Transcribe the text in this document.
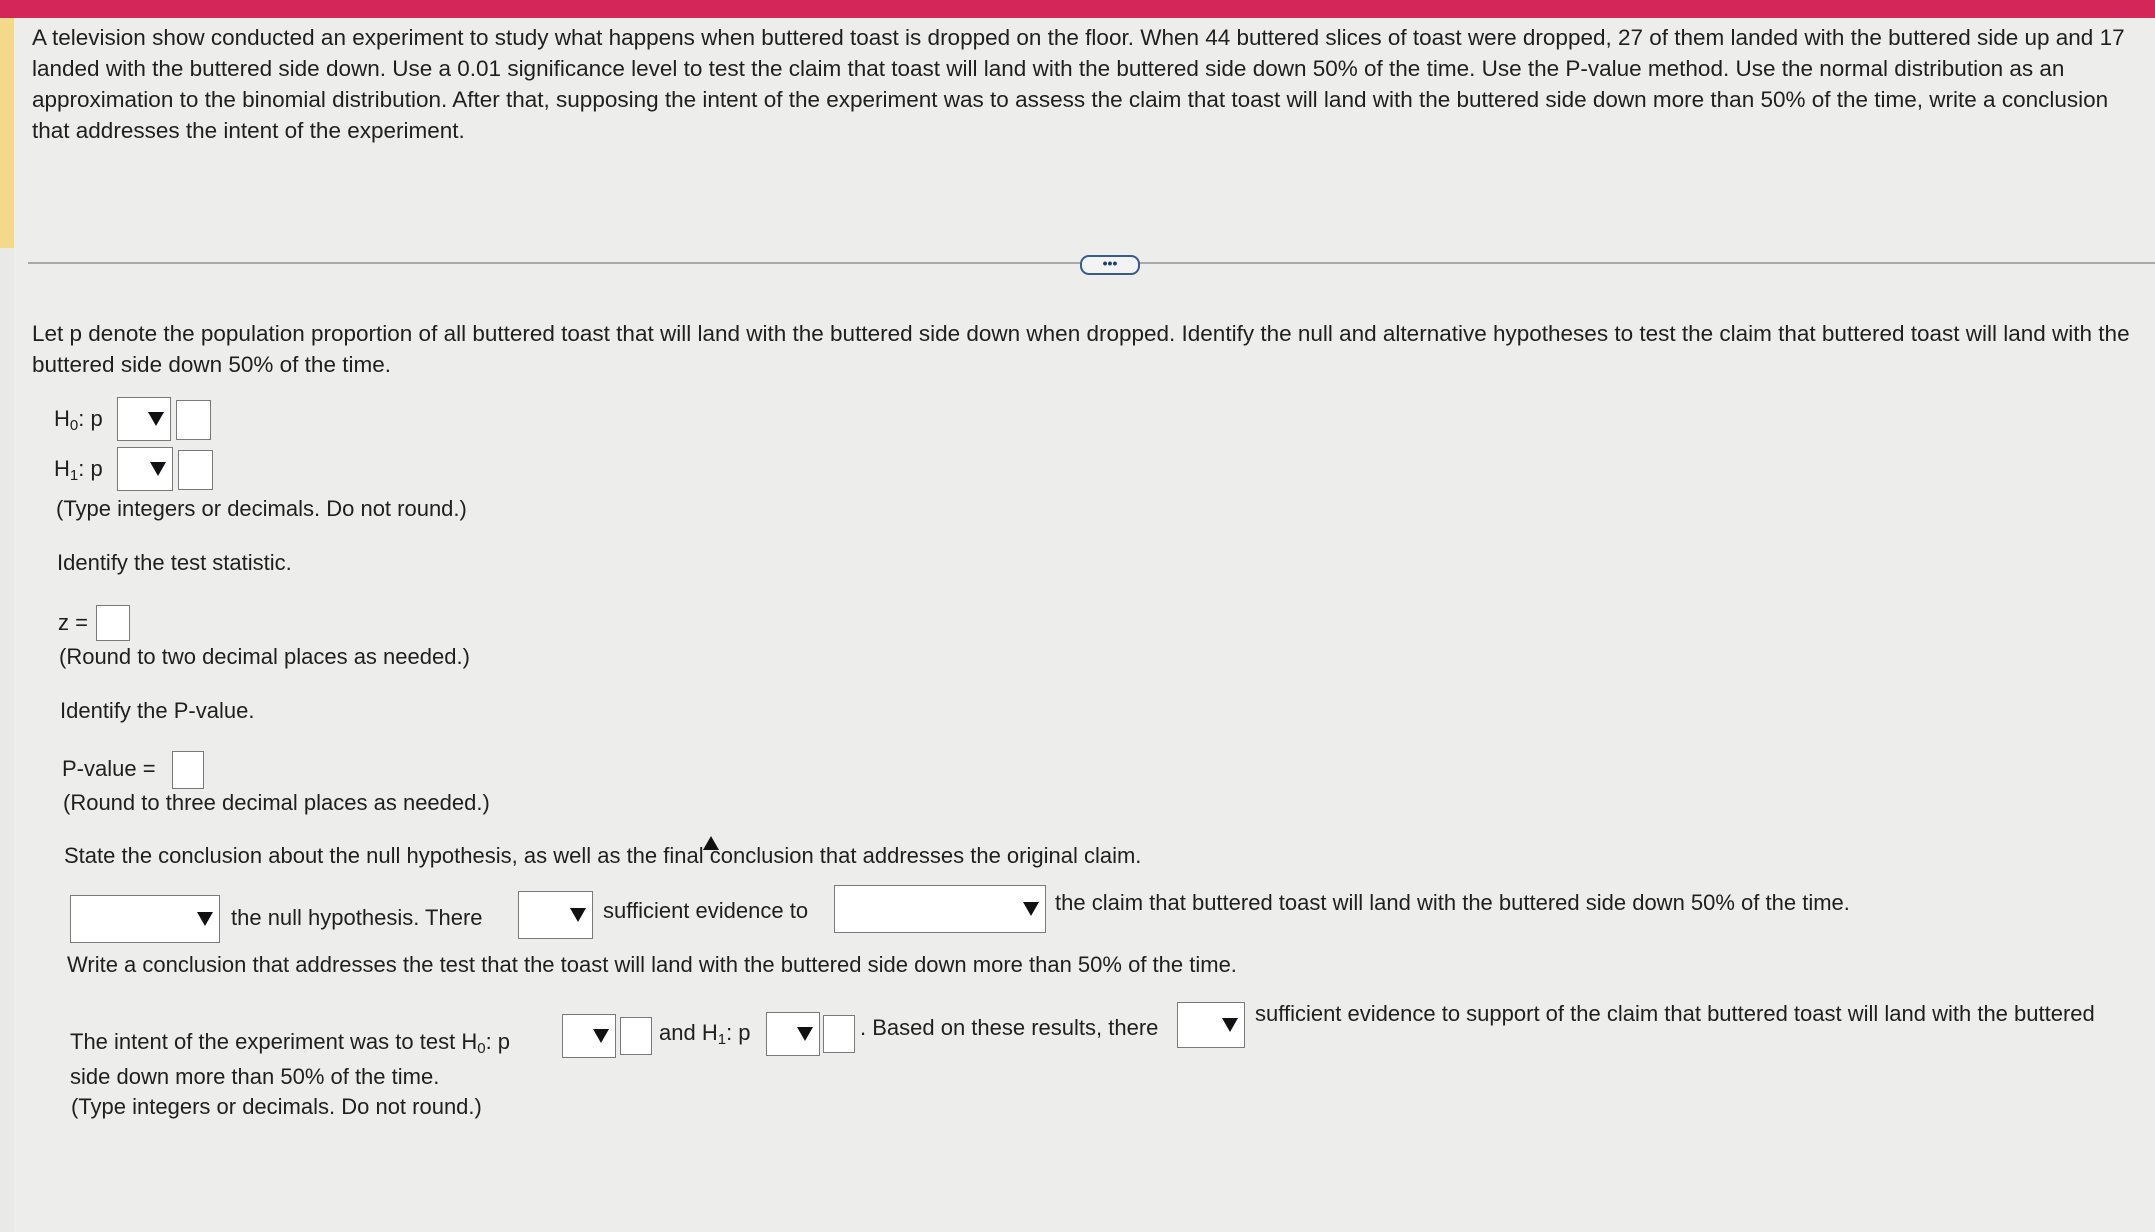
A television show conducted an experiment to study what happens when buttered toast is dropped on the floor. When 44 buttered slices of toast were dropped, 27 of them landed with the buttered side up and 17 landed with the buttered side down. Use a 0.01 significance level to test the claim that toast will land with the buttered side down 50% of the time. Use the P-value method. Use the normal distribution as an approximation to the binomial distribution. After that, supposing the intent of the experiment was to assess the claim that toast will land with the buttered side down more than 50% of the time, write a conclusion that addresses the intent of the experiment.
•••
Let p denote the population proportion of all buttered toast that will land with the buttered side down when dropped. Identify the null and alternative hypotheses to test the claim that buttered toast will land with the buttered side down 50% of the time.
$H_0$: p
$H_1$: p
(Type integers or decimals. Do not round.)
Identify the test statistic.
z =
(Round to two decimal places as needed.)
Identify the P-value.
P-value =
(Round to three decimal places as needed.)
State the conclusion about the null hypothesis, as well as the final conclusion that addresses the original claim.
the null hypothesis. There	sufficient evidence to	the claim that buttered toast will land with the buttered side down 50% of the time.
Write a conclusion that addresses the test that the toast will land with the buttered side down more than 50% of the time.
The intent of the experiment was to test $H_0$: p	and $H_1$: p	. Based on these results, there
sufficient evidence to support of the claim that buttered toast will land with the buttered
side down more than 50% of the time.
(Type integers or decimals. Do not round.)
